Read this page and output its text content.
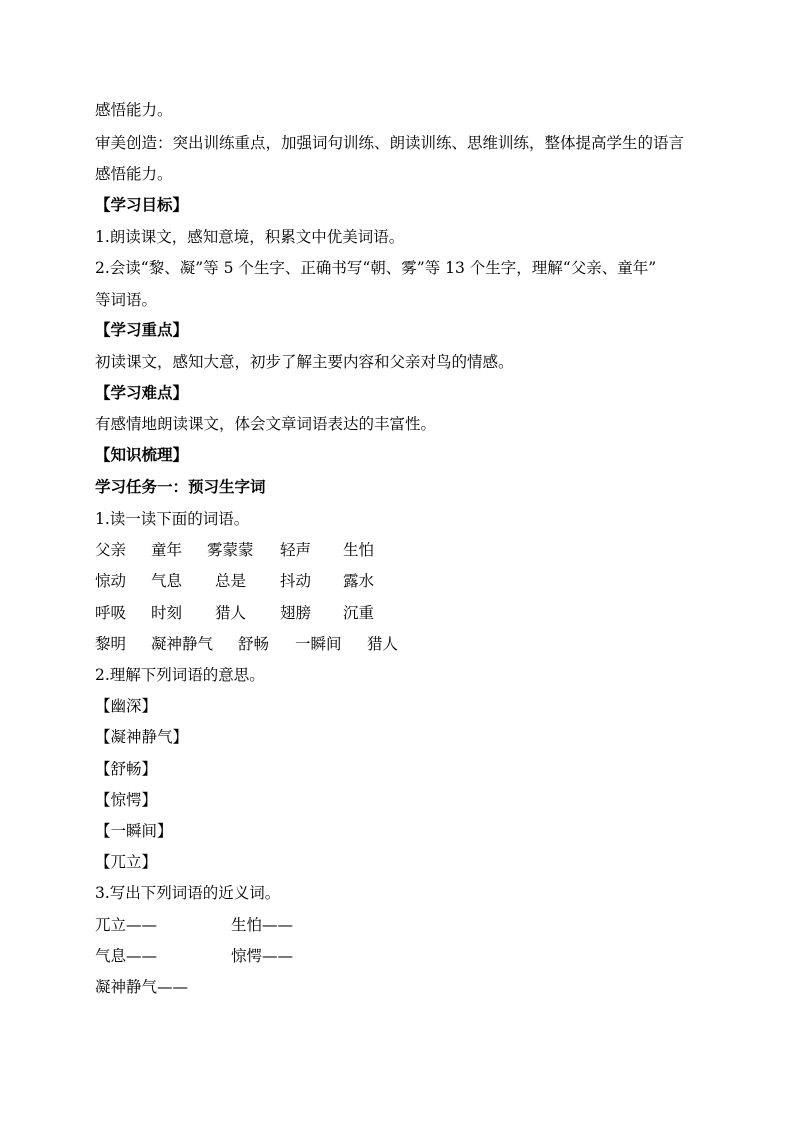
感悟能力。
审美创造：突出训练重点，加强词句训练、朗读训练、思维训练，整体提高学生的语言
感悟能力。
【学习目标】
1.朗读课文，感知意境，积累文中优美词语。
2.会读“黎、凝”等 5 个生字、正确书写“朝、雾”等 13 个生字，理解“父亲、童年”
等词语。
【学习重点】
初读课文，感知大意，初步了解主要内容和父亲对鸟的情感。
【学习难点】
有感情地朗读课文，体会文章词语表达的丰富性。
【知识梳理】
学习任务一：预习生字词
1.读一读下面的词语。
父亲 童年 雾蒙蒙 轻声 生怕
惊动 气息 总是 抖动 露水
呼吸 时刻 猎人 翅膀 沉重
黎明 凝神静气 舒畅 一瞬间 猎人
2.理解下列词语的意思。
【幽深】
【凝神静气】
【舒畅】
【惊愕】
【一瞬间】
【兀立】
3.写出下列词语的近义词。
兀立——	生怕——
气息——	惊愕——
凝神静气——
